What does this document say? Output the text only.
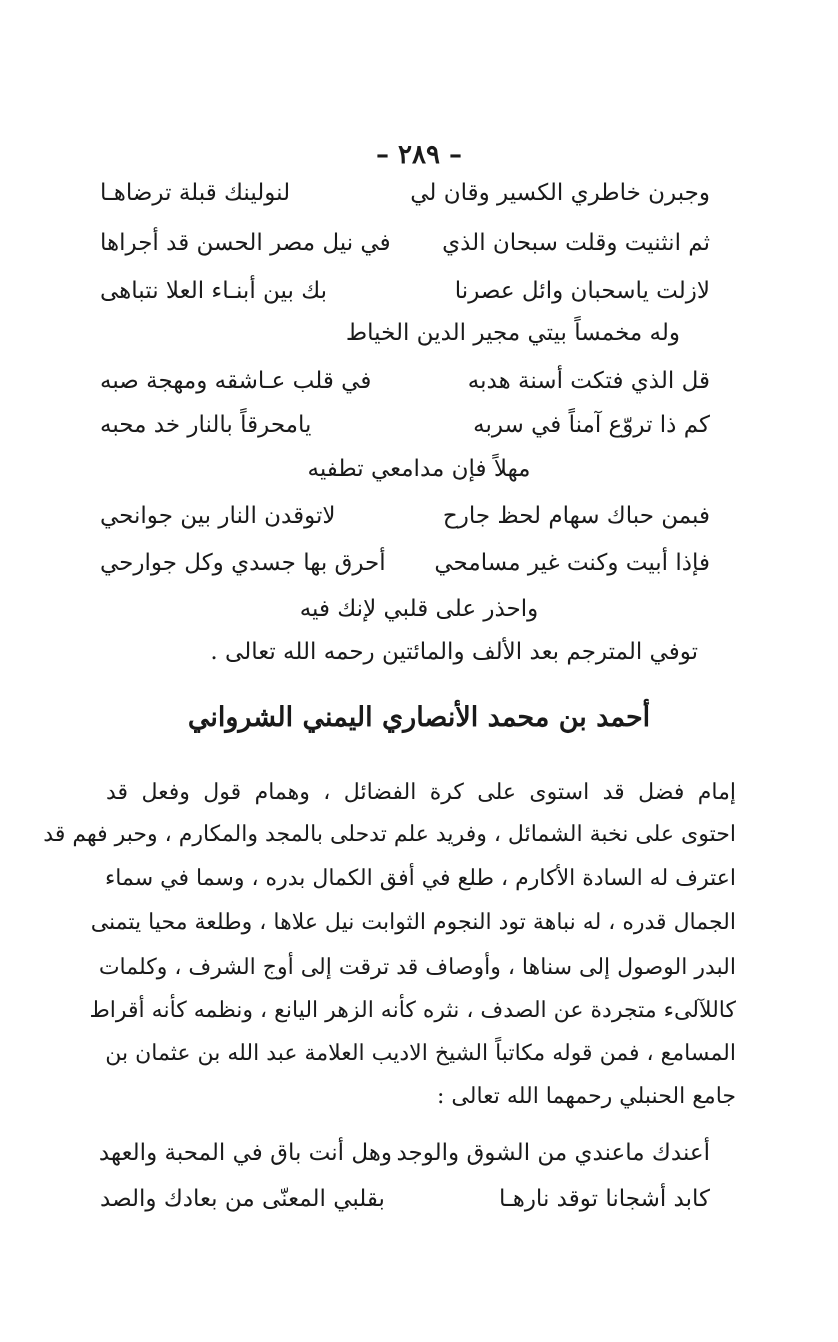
– ٢٨٩ –
وجبرن خاطري الكسير وقان لي
لنولينك قبلة ترضاهـا
ثم انثنيت وقلت سبحان الذي
في نيل مصر الحسن قد أجراها
لازلت ياسحبان وائل عصرنا
بك بين أبنـاء العلا نتباهى
وله مخمساً بيتي مجير الدين الخياط
قل الذي فتكت أسنة هدبه
في قلب عـاشقه ومهجة صبه
كم ذا تروّع آمناً في سربه
يامحرقاً بالنار خد محبه
مهلاً فإن مدامعي تطفيه
فبمن حباك سهام لحظ جارح
لاتوقدن النار بين جوانحي
فإذا أبيت وكنت غير مسامحي
أحرق بها جسدي وكل جوارحي
واحذر على قلبي لإنك فيه
توفي المترجم بعد الألف والمائتين رحمه الله تعالى .
أحمد بن محمد الأنصاري اليمني الشرواني
إمام فضل قد استوى على كرة الفضائل ، وهمام قول وفعل قد
احتوى على نخبة الشمائل ، وفريد علم تدحلى بالمجد والمكارم ، وحبر فهم قد
اعترف له السادة الأكارم ، طلع في أفق الكمال بدره ، وسما في سماء
الجمال قدره ، له نباهة تود النجوم الثوابت نيل علاها ، وطلعة محيا يتمنى
البدر الوصول إلى سناها ، وأوصاف قد ترقت إلى أوج الشرف ، وكلمات
كاللآلىء متجردة عن الصدف ، نثره كأنه الزهر اليانع ، ونظمه كأنه أقراط
المسامع ، فمن قوله مكاتباً الشيخ الاديب العلامة عبد الله بن عثمان بن
جامع الحنبلي رحمهما الله تعالى :
أعندك ماعندي من الشوق والوجد
وهل أنت باق في المحبة والعهد
كابد أشجانا توقد نارهـا
بقلبي المعنّى من بعادك والصد
